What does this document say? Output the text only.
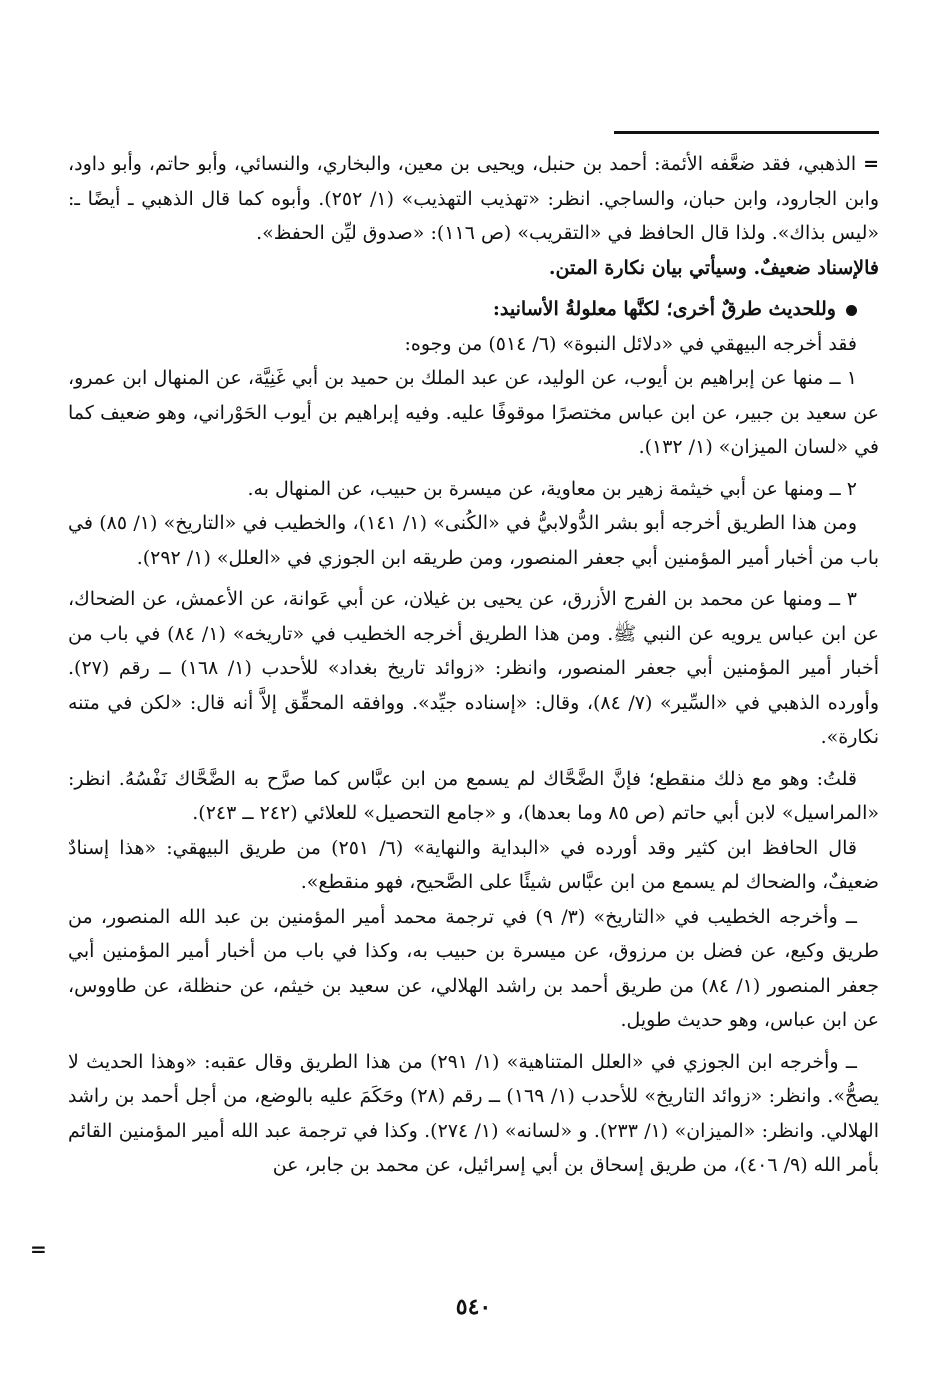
= الذهبي، فقد ضعَّفه الأئمة: أحمد بن حنبل، ويحيى بن معين، والبخاري، والنسائي، وأبو حاتم، وأبو داود، وابن الجارود، وابن حبان، والساجي. انظر: «تهذيب التهذيب» (١/ ٢٥٢). وأبوه كما قال الذهبي ـ أيضًا ـ: «ليس بذاك». ولذا قال الحافظ في «التقريب» (ص ١١٦): «صدوق ليِّن الحفظ».

فالإسناد ضعيفٌ. وسيأتي بيان نكارة المتن.

وللحديث طرقٌ أخرى؛ لكنَّها معلولةُ الأسانيد:

فقد أخرجه البيهقي في «دلائل النبوة» (٦/ ٥١٤) من وجوه:

١ ــ منها عن إبراهيم بن أيوب، عن الوليد، عن عبد الملك بن حميد بن أبي غَنِيَّة، عن المنهال ابن عمرو، عن سعيد بن جبير، عن ابن عباس مختصرًا موقوفًا عليه. وفيه إبراهيم بن أيوب الحَوْراني، وهو ضعيف كما في «لسان الميزان» (١/ ١٣٢).

٢ ــ ومنها عن أبي خيثمة زهير بن معاوية، عن ميسرة بن حبيب، عن المنهال به.

ومن هذا الطريق أخرجه أبو بشر الدُّولابيُّ في «الكُنى» (١/ ١٤١)، والخطيب في «التاريخ» (١/ ٨٥) في باب من أخبار أمير المؤمنين أبي جعفر المنصور، ومن طريقه ابن الجوزي في «العلل» (١/ ٢٩٢).

٣ ــ ومنها عن محمد بن الفرج الأزرق، عن يحيى بن غيلان، عن أبي عَوانة، عن الأعمش، عن الضحاك، عن ابن عباس يرويه عن النبي ﷺ. ومن هذا الطريق أخرجه الخطيب في «تاريخه» (١/ ٨٤) في باب من أخبار أمير المؤمنين أبي جعفر المنصور، وانظر: «زوائد تاريخ بغداد» للأحدب (١/ ١٦٨) ــ رقم (٢٧). وأورده الذهبي في «السِّير» (٧/ ٨٤)، وقال: «إسناده جيِّد». ووافقه المحقِّق إلاَّ أنه قال: «لكن في متنه نكارة».

قلتُ: وهو مع ذلك منقطع؛ فإنَّ الضَّحَّاك لم يسمع من ابن عبَّاس كما صرَّح به الضَّحَّاك نَفْسُهُ. انظر: «المراسيل» لابن أبي حاتم (ص ٨٥ وما بعدها)، و «جامع التحصيل» للعلائي (٢٤٢ ــ ٢٤٣).

قال الحافظ ابن كثير وقد أورده في «البداية والنهاية» (٦/ ٢٥١) من طريق البيهقي: «هذا إسنادٌ ضعيفٌ، والضحاك لم يسمع من ابن عبَّاس شيئًا على الصَّحيح، فهو منقطع».

ــ وأخرجه الخطيب في «التاريخ» (٣/ ٩) في ترجمة محمد أمير المؤمنين بن عبد الله المنصور، من طريق وكيع، عن فضل بن مرزوق، عن ميسرة بن حبيب به، وكذا في باب من أخبار أمير المؤمنين أبي جعفر المنصور (١/ ٨٤) من طريق أحمد بن راشد الهلالي، عن سعيد بن خيثم، عن حنظلة، عن طاووس، عن ابن عباس، وهو حديث طويل.

ــ وأخرجه ابن الجوزي في «العلل المتناهية» (١/ ٢٩١) من هذا الطريق وقال عقبه: «وهذا الحديث لا يصحُّ». وانظر: «زوائد التاريخ» للأحدب (١/ ١٦٩) ــ رقم (٢٨) وحَكَمَ عليه بالوضع، من أجل أحمد بن راشد الهلالي. وانظر: «الميزان» (١/ ٢٣٣). و «لسانه» (١/ ٢٧٤). وكذا في ترجمة عبد الله أمير المؤمنين القائم بأمر الله (٩/ ٤٠٦)، من طريق إسحاق بن أبي إسرائيل، عن محمد بن جابر، عن

=
٥٤٠
